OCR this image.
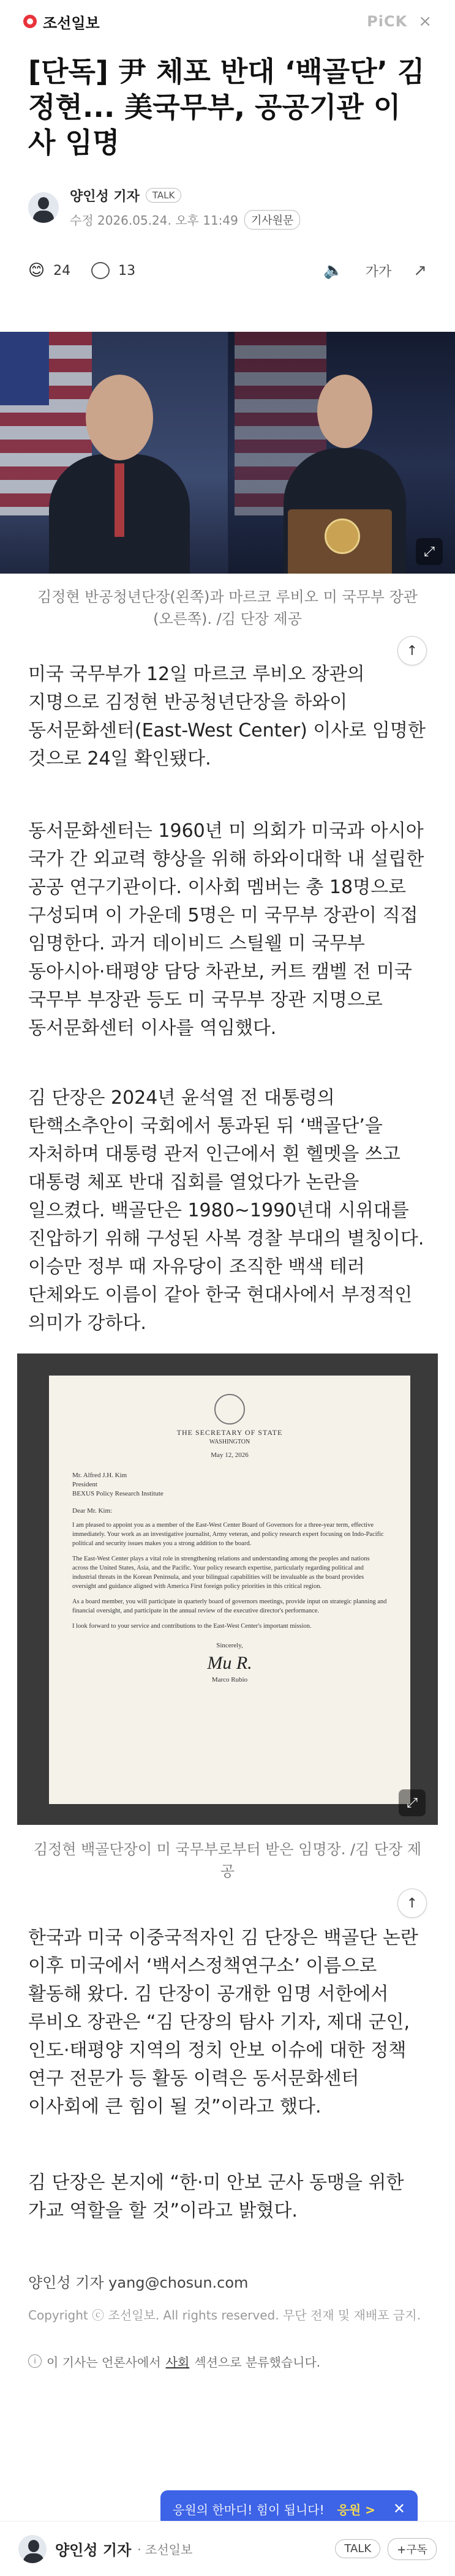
조선일보	PiCK ×
[단독] 尹 체포 반대 ‘백골단’ 김정현... 美국무부, 공공기관 이사 임명
양인성 기자	TALK
수정 2026.05.24. 오후 11:49	기사원문
😊 24	13	🔈 가가 ↗
⤢
김정현 반공청년단장(왼쪽)과 마르코 루비오 미 국무부 장관(오른쪽). /김 단장 제공
↑

미국 국무부가 12일 마르코 루비오 장관의 지명으로 김정현 반공청년단장을 하와이 동서문화센터(East-West Center) 이사로 임명한 것으로 24일 확인됐다.

동서문화센터는 1960년 미 의회가 미국과 아시아 국가 간 외교력 향상을 위해 하와이대학 내 설립한 공공 연구기관이다. 이사회 멤버는 총 18명으로 구성되며 이 가운데 5명은 미 국무부 장관이 직접 임명한다. 과거 데이비드 스틸웰 미 국무부 동아시아·태평양 담당 차관보, 커트 캠벨 전 미국 국무부 부장관 등도 미 국무부 장관 지명으로 동서문화센터 이사를 역임했다.

김 단장은 2024년 윤석열 전 대통령의 탄핵소추안이 국회에서 통과된 뒤 ‘백골단’을 자처하며 대통령 관저 인근에서 흰 헬멧을 쓰고 대통령 체포 반대 집회를 열었다가 논란을 일으켰다. 백골단은 1980~1990년대 시위대를 진압하기 위해 구성된 사복 경찰 부대의 별칭이다. 이승만 정부 때 자유당이 조직한 백색 테러 단체와도 이름이 같아 한국 현대사에서 부정적인 의미가 강하다.

THE SECRETARY OF STATE
WASHINGTON
May 12, 2026
Mr. Alfred J.H. Kim
President
BEXUS Policy Research Institute
Dear Mr. Kim:
I am pleased to appoint you as a member of the East-West Center Board of Governors for a three-year term, effective immediately. Your work as an investigative journalist, Army veteran, and policy research expert focusing on Indo-Pacific political and security issues makes you a strong addition to the board.
The East-West Center plays a vital role in strengthening relations and understanding among the peoples and nations across the United States, Asia, and the Pacific. Your policy research expertise, particularly regarding political and industrial threats in the Korean Peninsula, and your bilingual capabilities will be invaluable as the board provides oversight and guidance aligned with America First foreign policy priorities in this critical region.
As a board member, you will participate in quarterly board of governors meetings, provide input on strategic planning and financial oversight, and participate in the annual review of the executive director's performance.
I look forward to your service and contributions to the East-West Center's important mission.
Sincerely,
Mu R.
Marco Rubio
⤢
김정현 백골단장이 미 국무부로부터 받은 임명장. /김 단장 제공
↑

한국과 미국 이중국적자인 김 단장은 백골단 논란 이후 미국에서 ‘백서스정책연구소’ 이름으로 활동해 왔다. 김 단장이 공개한 임명 서한에서 루비오 장관은 “김 단장의 탐사 기자, 제대 군인, 인도·태평양 지역의 정치 안보 이슈에 대한 정책 연구 전문가 등 활동 이력은 동서문화센터 이사회에 큰 힘이 될 것”이라고 했다.

김 단장은 본지에 “한·미 안보 군사 동맹을 위한 가교 역할을 할 것”이라고 밝혔다.

양인성 기자 yang@chosun.com
Copyright ⓒ 조선일보. All rights reserved. 무단 전재 및 재배포 금지.
i 이 기사는 언론사에서 사회 섹션으로 분류했습니다.
응원의 한마디! 힘이 됩니다! 응원 > ✕
양인성 기자 · 조선일보	TALK	+구독
